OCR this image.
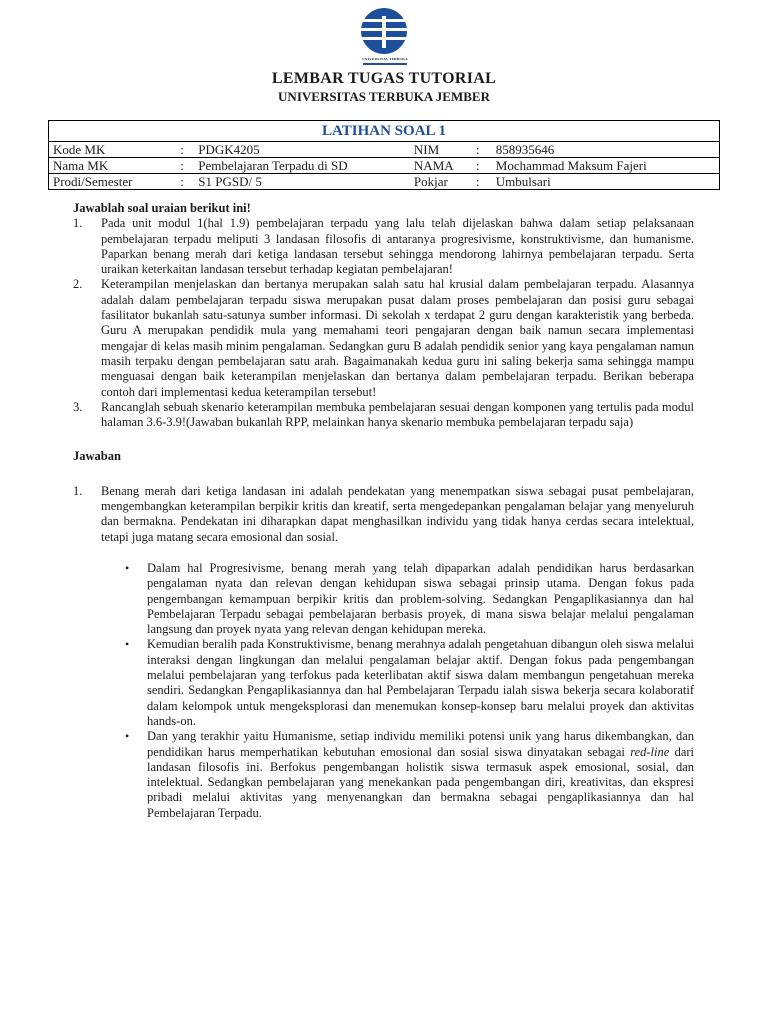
UNIVERSITAS TERBUKA
LEMBAR TUGAS TUTORIAL
UNIVERSITAS TERBUKA JEMBER
LATIHAN SOAL 1					
Kode MK	:	PDGK4205	NIM	:	858935646
Nama MK	:	Pembelajaran Terpadu di SD	NAMA	:	Mochammad Maksum Fajeri
Prodi/Semester	:	S1 PGSD/ 5	Pokjar	:	Umbulsari

Jawablah soal uraian berikut ini!

1. Pada unit modul 1(hal 1.9) pembelajaran terpadu yang lalu telah dijelaskan bahwa dalam setiap pelaksanaan pembelajaran terpadu meliputi 3 landasan filosofis di antaranya progresivisme, konstruktivisme, dan humanisme. Paparkan benang merah dari ketiga landasan tersebut sehingga mendorong lahirnya pembelajaran terpadu. Serta uraikan keterkaitan landasan tersebut terhadap kegiatan pembelajaran!
2. Keterampilan menjelaskan dan bertanya merupakan salah satu hal krusial dalam pembelajaran terpadu. Alasannya adalah dalam pembelajaran terpadu siswa merupakan pusat dalam proses pembelajaran dan posisi guru sebagai fasilitator bukanlah satu-satunya sumber informasi. Di sekolah x terdapat 2 guru dengan karakteristik yang berbeda. Guru A merupakan pendidik mula yang memahami teori pengajaran dengan baik namun secara implementasi mengajar di kelas masih minim pengalaman. Sedangkan guru B adalah pendidik senior yang kaya pengalaman namun masih terpaku dengan pembelajaran satu arah. Bagaimanakah kedua guru ini saling bekerja sama sehingga mampu menguasai dengan baik keterampilan menjelaskan dan bertanya dalam pembelajaran terpadu. Berikan beberapa contoh dari implementasi kedua keterampilan tersebut!
3. Rancanglah sebuah skenario keterampilan membuka pembelajaran sesuai dengan komponen yang tertulis pada modul halaman 3.6-3.9!(Jawaban bukanlah RPP, melainkan hanya skenario membuka pembelajaran terpadu saja)

Jawaban

1. Benang merah dari ketiga landasan ini adalah pendekatan yang menempatkan siswa sebagai pusat pembelajaran, mengembangkan keterampilan berpikir kritis dan kreatif, serta mengedepankan pengalaman belajar yang menyeluruh dan bermakna. Pendekatan ini diharapkan dapat menghasilkan individu yang tidak hanya cerdas secara intelektual, tetapi juga matang secara emosional dan sosial.
• Dalam hal Progresivisme, benang merah yang telah dipaparkan adalah pendidikan harus berdasarkan pengalaman nyata dan relevan dengan kehidupan siswa sebagai prinsip utama. Dengan fokus pada pengembangan kemampuan berpikir kritis dan problem-solving. Sedangkan Pengaplikasiannya dan hal Pembelajaran Terpadu sebagai pembelajaran berbasis proyek, di mana siswa belajar melalui pengalaman langsung dan proyek nyata yang relevan dengan kehidupan mereka.
• Kemudian beralih pada Konstruktivisme, benang merahnya adalah pengetahuan dibangun oleh siswa melalui interaksi dengan lingkungan dan melalui pengalaman belajar aktif. Dengan fokus pada pengembangan melalui pembelajaran yang terfokus pada keterlibatan aktif siswa dalam membangun pengetahuan mereka sendiri. Sedangkan Pengaplikasiannya dan hal Pembelajaran Terpadu ialah siswa bekerja secara kolaboratif dalam kelompok untuk mengeksplorasi dan menemukan konsep-konsep baru melalui proyek dan aktivitas hands-on.
• Dan yang terakhir yaitu Humanisme, setiap individu memiliki potensi unik yang harus dikembangkan, dan pendidikan harus memperhatikan kebutuhan emosional dan sosial siswa dinyatakan sebagai red-line dari landasan filosofis ini. Berfokus pengembangan holistik siswa termasuk aspek emosional, sosial, dan intelektual. Sedangkan pembelajaran yang menekankan pada pengembangan diri, kreativitas, dan ekspresi pribadi melalui aktivitas yang menyenangkan dan bermakna sebagai pengaplikasiannya dan hal Pembelajaran Terpadu.
